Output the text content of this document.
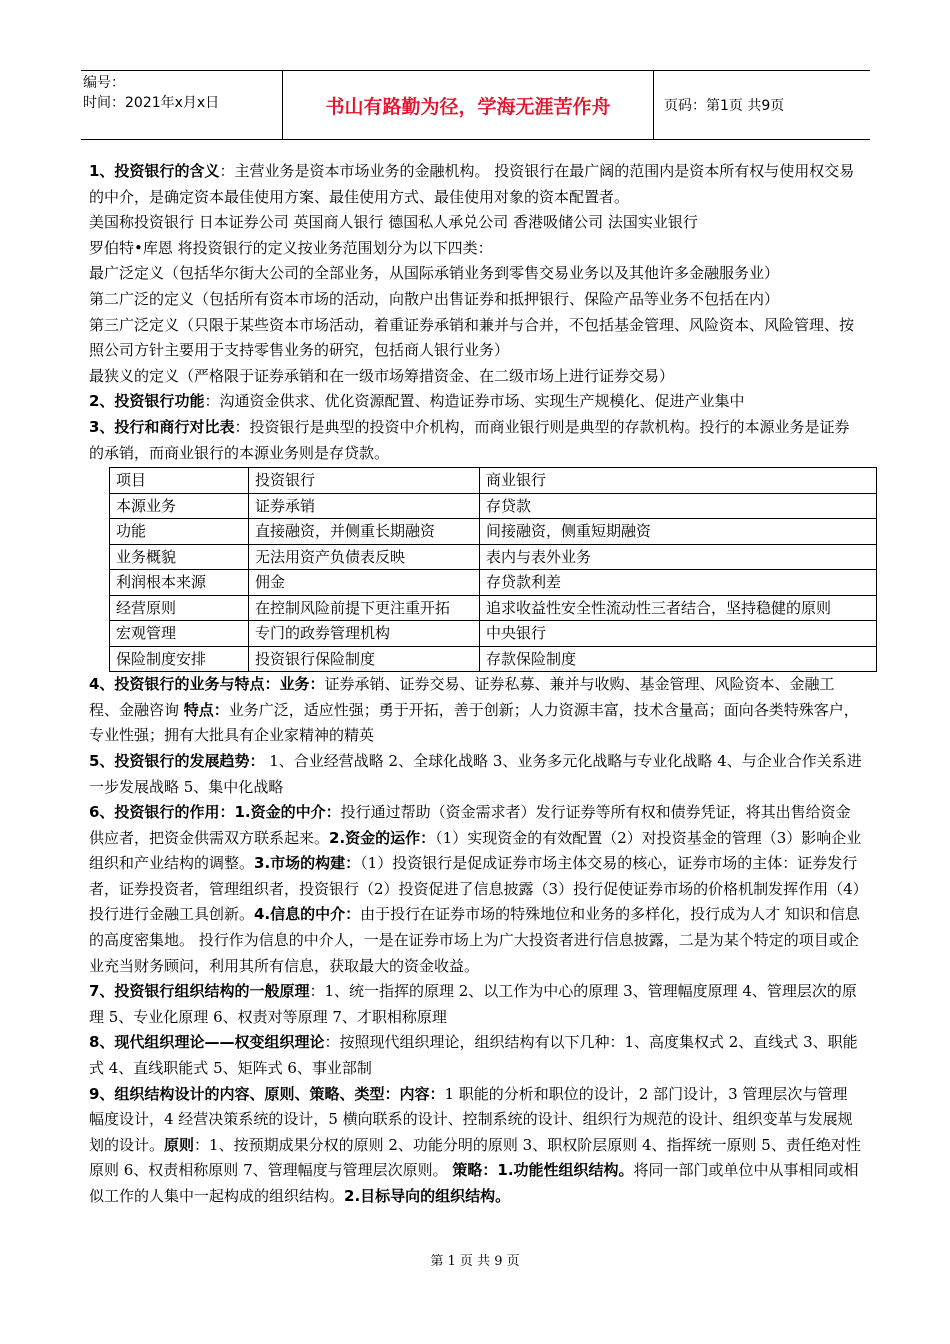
编号：
时间：2021年x月x日	书山有路勤为径，学海无涯苦作舟	页码：第1页 共9页

1、投资银行的含义：主营业务是资本市场业务的金融机构。 投资银行在最广阔的范围内是资本所有权与使用权交易的中介，是确定资本最佳使用方案、最佳使用方式、最佳使用对象的资本配置者。

美国称投资银行 日本证券公司 英国商人银行 德国私人承兑公司 香港吸储公司 法国实业银行

罗伯特•库恩 将投资银行的定义按业务范围划分为以下四类：

最广泛定义（包括华尔街大公司的全部业务，从国际承销业务到零售交易业务以及其他许多金融服务业）

第二广泛的定义（包括所有资本市场的活动，向散户出售证券和抵押银行、保险产品等业务不包括在内）

第三广泛定义（只限于某些资本市场活动，着重证券承销和兼并与合并，不包括基金管理、风险资本、风险管理、按照公司方针主要用于支持零售业务的研究，包括商人银行业务）

最狭义的定义（严格限于证券承销和在一级市场筹措资金、在二级市场上进行证券交易）

2、投资银行功能：沟通资金供求、优化资源配置、构造证券市场、实现生产规模化、促进产业集中

3、投行和商行对比表：投资银行是典型的投资中介机构，而商业银行则是典型的存款机构。投行的本源业务是证券的承销，而商业银行的本源业务则是存贷款。

项目	投资银行	商业银行
本源业务	证券承销	存贷款
功能	直接融资，并侧重长期融资	间接融资，侧重短期融资
业务概貌	无法用资产负债表反映	表内与表外业务
利润根本来源	佣金	存贷款利差
经营原则	在控制风险前提下更注重开拓	追求收益性安全性流动性三者结合，坚持稳健的原则
宏观管理	专门的政券管理机构	中央银行
保险制度安排	投资银行保险制度	存款保险制度

4、投资银行的业务与特点：业务：证券承销、证券交易、证券私募、兼并与收购、基金管理、风险资本、金融工程、金融咨询 特点：业务广泛，适应性强；勇于开拓，善于创新；人力资源丰富，技术含量高；面向各类特殊客户，专业性强；拥有大批具有企业家精神的精英

5、投资银行的发展趋势： 1、合业经营战略 2、全球化战略 3、业务多元化战略与专业化战略 4、与企业合作关系进一步发展战略 5、集中化战略

6、投资银行的作用：1.资金的中介：投行通过帮助（资金需求者）发行证券等所有权和债券凭证，将其出售给资金供应者，把资金供需双方联系起来。2.资金的运作：（1）实现资金的有效配置（2）对投资基金的管理（3）影响企业组织和产业结构的调整。3.市场的构建：（1）投资银行是促成证券市场主体交易的核心，证券市场的主体：证券发行者，证券投资者，管理组织者，投资银行（2）投资促进了信息披露（3）投行促使证券市场的价格机制发挥作用（4）投行进行金融工具创新。4.信息的中介：由于投行在证券市场的特殊地位和业务的多样化，投行成为人才 知识和信息的高度密集地。 投行作为信息的中介人，一是在证券市场上为广大投资者进行信息披露，二是为某个特定的项目或企业充当财务顾问，利用其所有信息，获取最大的资金收益。

7、投资银行组织结构的一般原理：1、统一指挥的原理 2、以工作为中心的原理 3、管理幅度原理 4、管理层次的原理 5、专业化原理 6、权责对等原理 7、才职相称原理

8、现代组织理论——权变组织理论：按照现代组织理论，组织结构有以下几种：1、高度集权式 2、直线式 3、职能式 4、直线职能式 5、矩阵式 6、事业部制

9、组织结构设计的内容、原则、策略、类型：内容：1 职能的分析和职位的设计，2 部门设计，3 管理层次与管理幅度设计，4 经营决策系统的设计，5 横向联系的设计、控制系统的设计、组织行为规范的设计、组织变革与发展规划的设计。原则：1、按预期成果分权的原则 2、功能分明的原则 3、职权阶层原则 4、指挥统一原则 5、责任绝对性原则 6、权责相称原则 7、管理幅度与管理层次原则。 策略：1.功能性组织结构。将同一部门或单位中从事相同或相似工作的人集中一起构成的组织结构。2.目标导向的组织结构。

第 1 页 共 9 页
